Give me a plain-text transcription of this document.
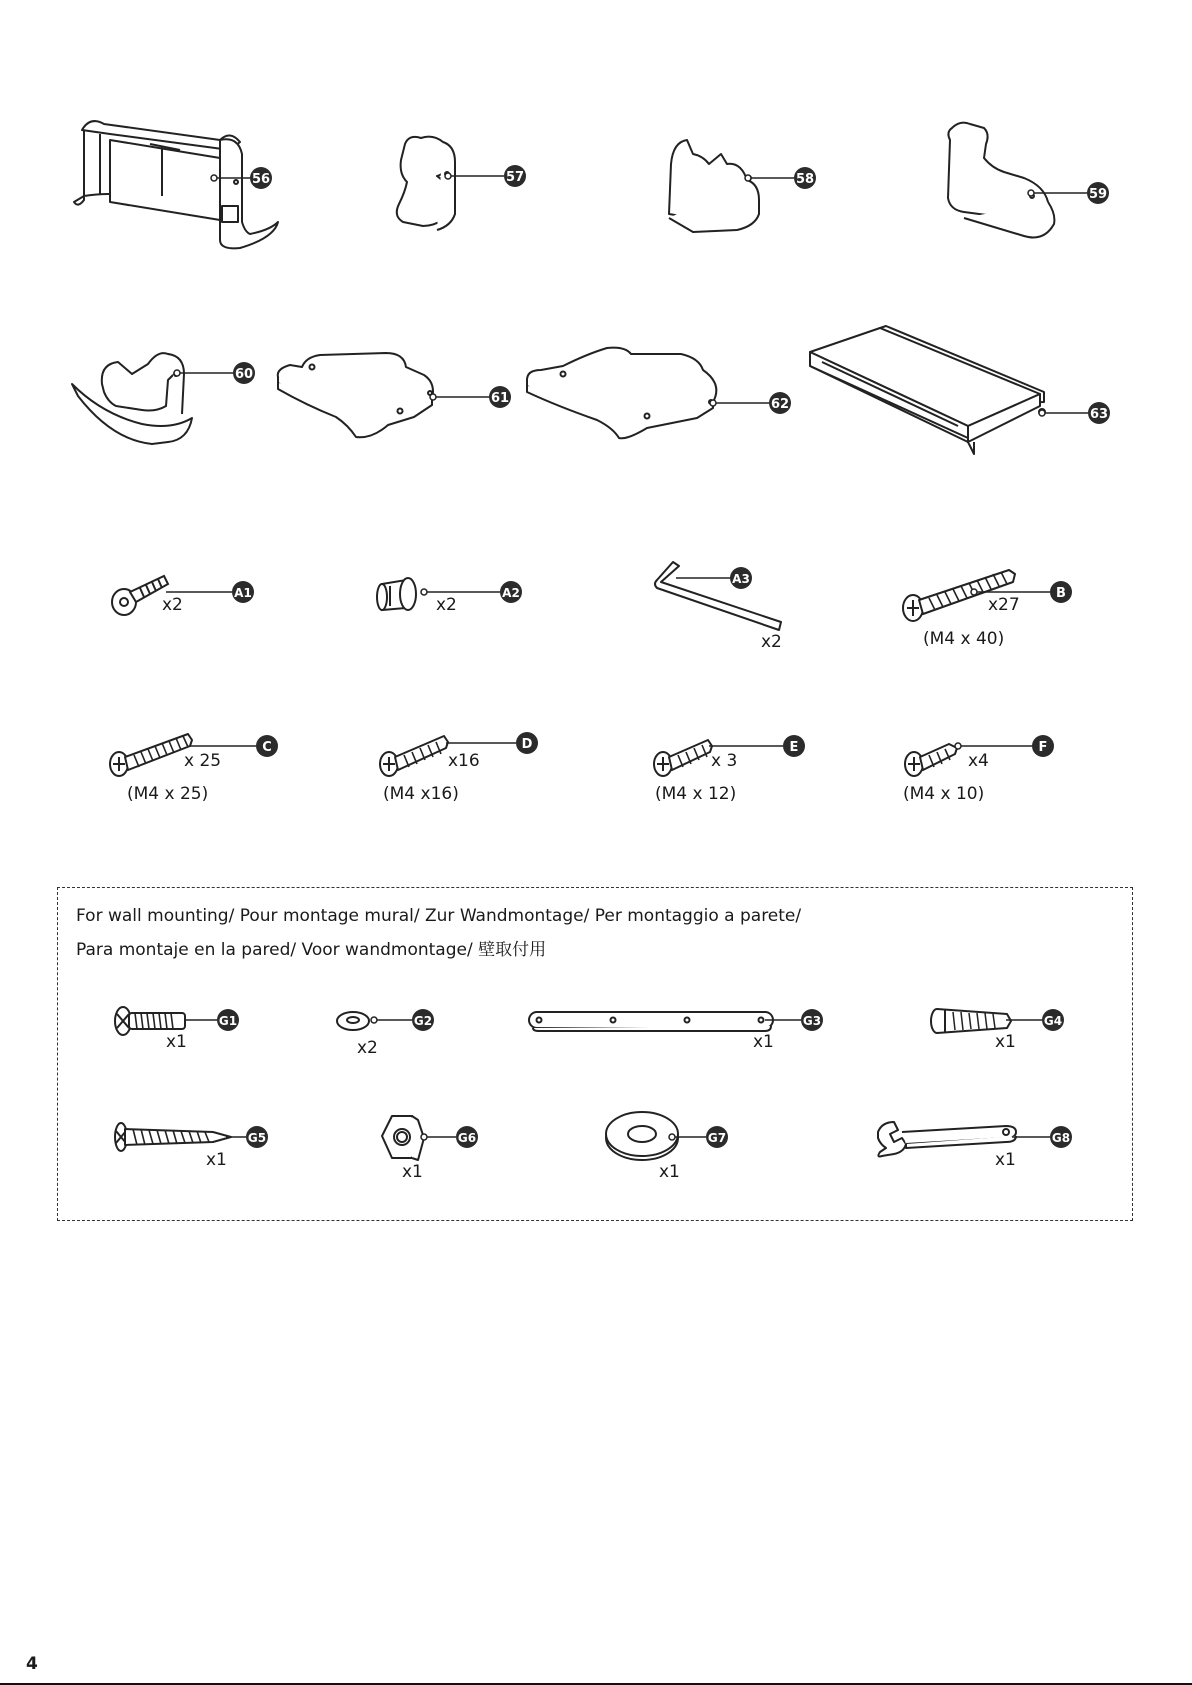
56	57	58
59
60
61	62
63
x2
A1
x2
A2
A3
x2
x27
(M4 x 40)
B
x 25
(M4 x 25)
C
x16
(M4 x16)
D
x 3
(M4 x 12)
E
x4
(M4 x 10)
F
For wall mounting/ Pour montage mural/ Zur Wandmontage/ Per montaggio a parete/
Para montaje en la pared/ Voor wandmontage/ 壁取付用
x1
G1
x2
G2
x1
G3
x1
G4
x1
G5
x1
G6
x1
G7
x1
G8
4
